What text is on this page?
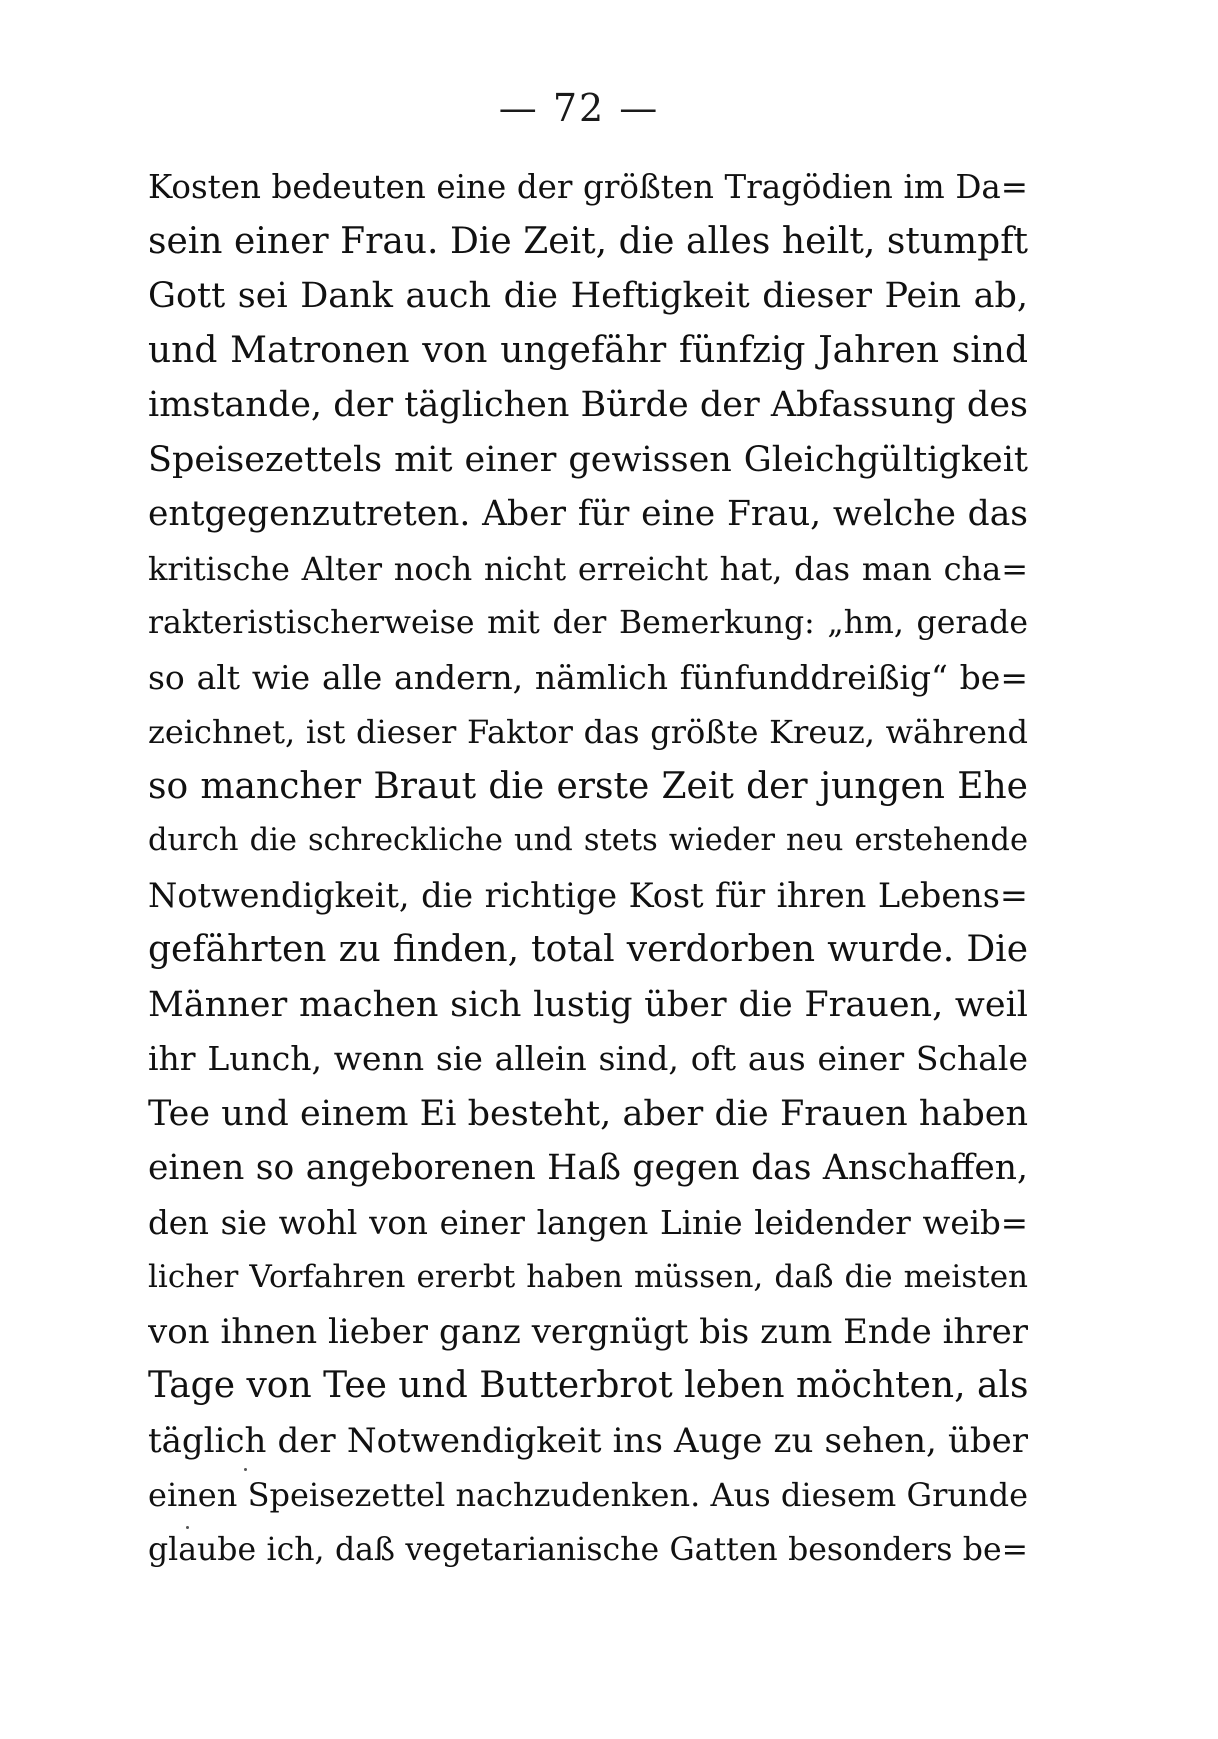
— 72 —
Kosten bedeuten eine der größten Tragödien im Da=
sein einer Frau. Die Zeit, die alles heilt, stumpft
Gott sei Dank auch die Heftigkeit dieser Pein ab,
und Matronen von ungefähr fünfzig Jahren sind
imstande, der täglichen Bürde der Abfassung des
Speisezettels mit einer gewissen Gleichgültigkeit
entgegenzutreten. Aber für eine Frau, welche das
kritische Alter noch nicht erreicht hat, das man cha=
rakteristischerweise mit der Bemerkung: „hm, gerade
so alt wie alle andern, nämlich fünfunddreißig“ be=
zeichnet, ist dieser Faktor das größte Kreuz, während
so mancher Braut die erste Zeit der jungen Ehe
durch die schreckliche und stets wieder neu erstehende
Notwendigkeit, die richtige Kost für ihren Lebens=
gefährten zu finden, total verdorben wurde. Die
Männer machen sich lustig über die Frauen, weil
ihr Lunch, wenn sie allein sind, oft aus einer Schale
Tee und einem Ei besteht, aber die Frauen haben
einen so angeborenen Haß gegen das Anschaffen,
den sie wohl von einer langen Linie leidender weib=
licher Vorfahren ererbt haben müssen, daß die meisten
von ihnen lieber ganz vergnügt bis zum Ende ihrer
Tage von Tee und Butterbrot leben möchten, als
täglich der Notwendigkeit ins Auge zu sehen, über
einen Speisezettel nachzudenken. Aus diesem Grunde
glaube ich, daß vegetarianische Gatten besonders be=
